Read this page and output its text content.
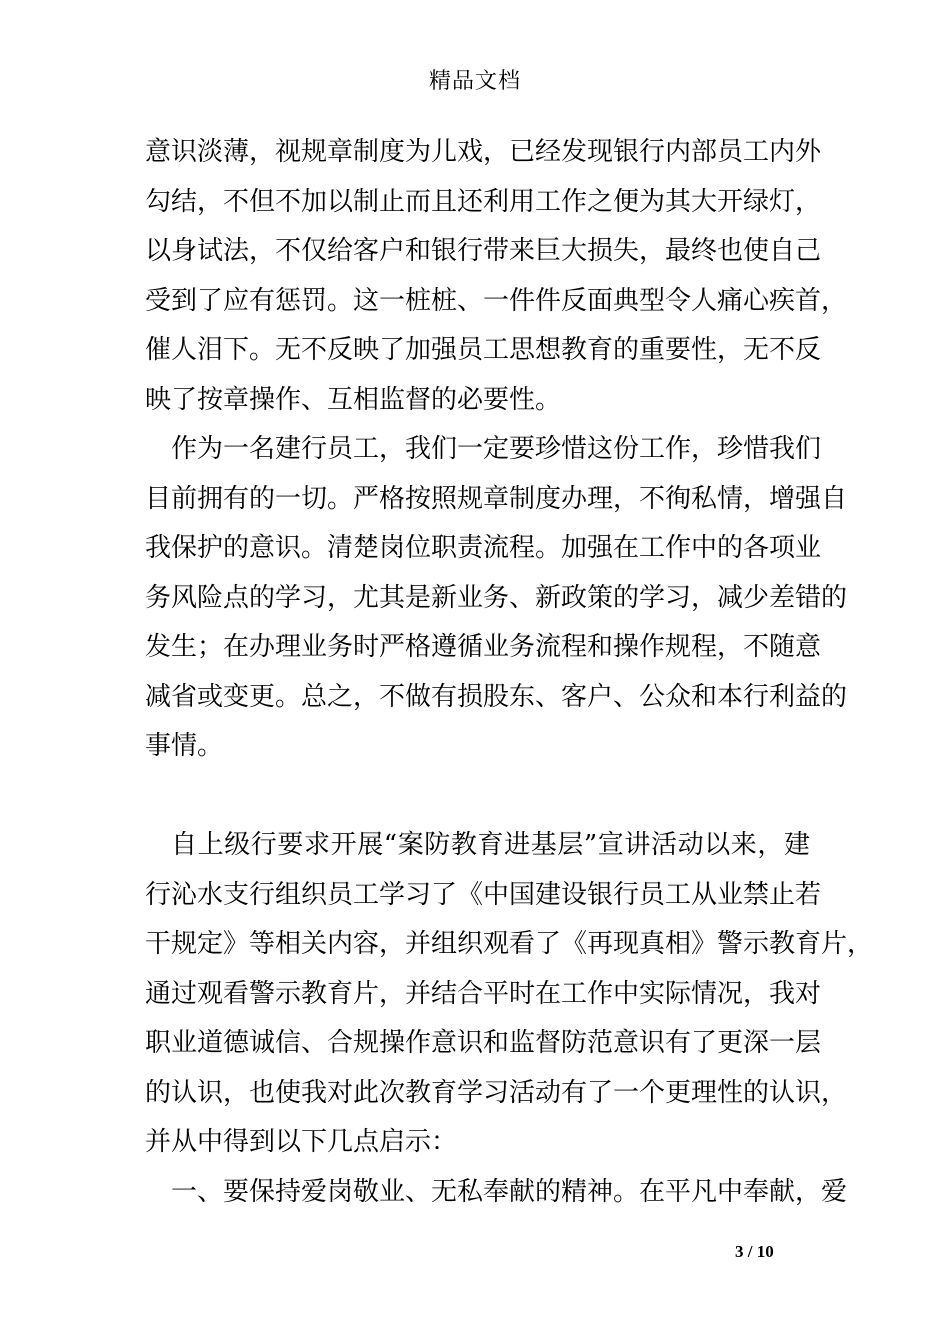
精品文档
意识淡薄，视规章制度为儿戏，已经发现银行内部员工内外
勾结，不但不加以制止而且还利用工作之便为其大开绿灯，
以身试法，不仅给客户和银行带来巨大损失，最终也使自己
受到了应有惩罚。这一桩桩、一件件反面典型令人痛心疾首，
催人泪下。无不反映了加强员工思想教育的重要性，无不反
映了按章操作、互相监督的必要性。
作为一名建行员工，我们一定要珍惜这份工作，珍惜我们
目前拥有的一切。严格按照规章制度办理，不徇私情，增强自
我保护的意识。清楚岗位职责流程。加强在工作中的各项业
务风险点的学习，尤其是新业务、新政策的学习，减少差错的
发生；在办理业务时严格遵循业务流程和操作规程，不随意
减省或变更。总之，不做有损股东、客户、公众和本行利益的
事情。
自上级行要求开展“案防教育进基层”宣讲活动以来，建
行沁水支行组织员工学习了《中国建设银行员工从业禁止若
干规定》等相关内容，并组织观看了《再现真相》警示教育片，
通过观看警示教育片，并结合平时在工作中实际情况，我对
职业道德诚信、合规操作意识和监督防范意识有了更深一层
的认识，也使我对此次教育学习活动有了一个更理性的认识，
并从中得到以下几点启示：
一、要保持爱岗敬业、无私奉献的精神。在平凡中奉献，爱
3 / 10
